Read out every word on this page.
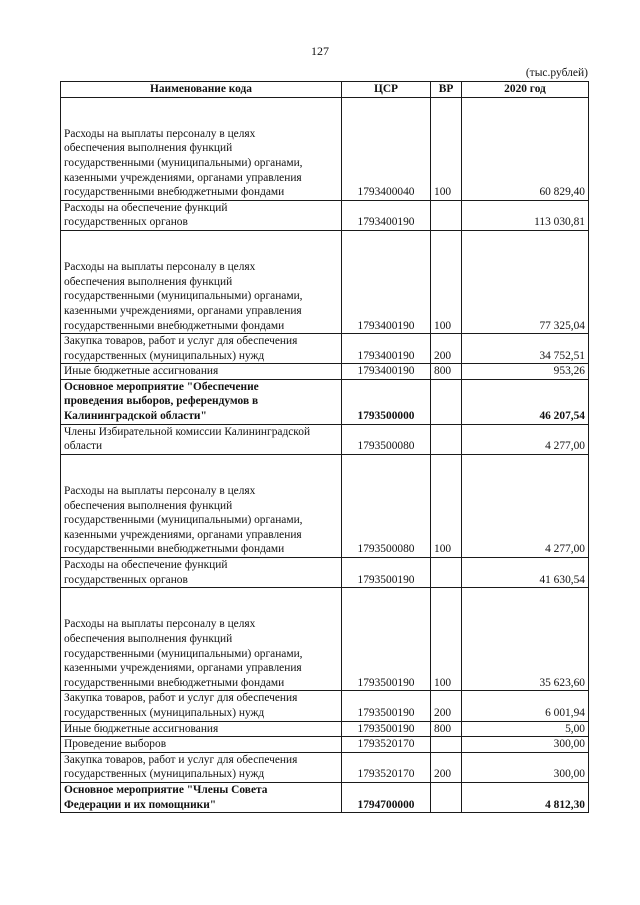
127
(тыс.рублей)
Наименование кода	ЦСР	ВР	2020 год

Расходы на выплаты персоналу в целях
обеспечения выполнения функций
государственными (муниципальными) органами,
казенными учреждениями, органами управления
государственными внебюджетными фондами	1793400040	100	60 829,40
Расходы на обеспечение функций
государственных органов	1793400190		113 030,81

Расходы на выплаты персоналу в целях
обеспечения выполнения функций
государственными (муниципальными) органами,
казенными учреждениями, органами управления
государственными внебюджетными фондами	1793400190	100	77 325,04
Закупка товаров, работ и услуг для обеспечения
государственных (муниципальных) нужд	1793400190	200	34 752,51
Иные бюджетные ассигнования	1793400190	800	953,26
Основное мероприятие "Обеспечение
проведения выборов, референдумов в
Калининградской области"	1793500000		46 207,54
Члены Избирательной комиссии Калининградской
области	1793500080		4 277,00

Расходы на выплаты персоналу в целях
обеспечения выполнения функций
государственными (муниципальными) органами,
казенными учреждениями, органами управления
государственными внебюджетными фондами	1793500080	100	4 277,00
Расходы на обеспечение функций
государственных органов	1793500190		41 630,54

Расходы на выплаты персоналу в целях
обеспечения выполнения функций
государственными (муниципальными) органами,
казенными учреждениями, органами управления
государственными внебюджетными фондами	1793500190	100	35 623,60
Закупка товаров, работ и услуг для обеспечения
государственных (муниципальных) нужд	1793500190	200	6 001,94
Иные бюджетные ассигнования	1793500190	800	5,00
Проведение выборов	1793520170		300,00
Закупка товаров, работ и услуг для обеспечения
государственных (муниципальных) нужд	1793520170	200	300,00
Основное мероприятие "Члены Совета
Федерации и их помощники"	1794700000		4 812,30
